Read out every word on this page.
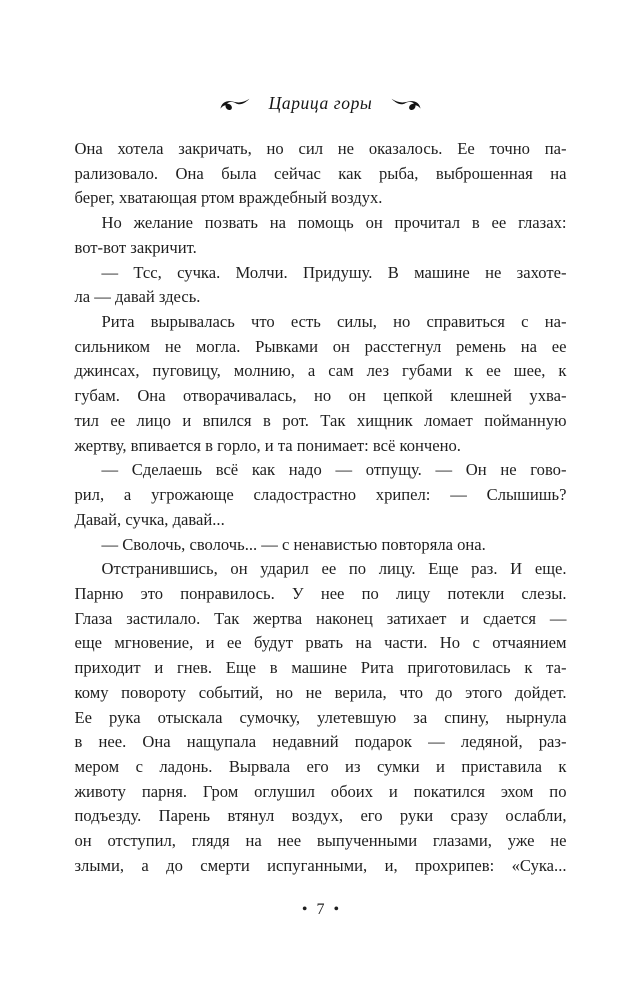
Царица горы
Она хотела закричать, но сил не оказалось. Ее точно па-
рализовало. Она была сейчас как рыба, выброшенная на
берег, хватающая ртом враждебный воздух.
Но желание позвать на помощь он прочитал в ее глазах:
вот-вот закричит.
— Тсс, сучка. Молчи. Придушу. В машине не захоте-
ла — давай здесь.
Рита вырывалась что есть силы, но справиться с на-
сильником не могла. Рывками он расстегнул ремень на ее
джинсах, пуговицу, молнию, а сам лез губами к ее шее, к
губам. Она отворачивалась, но он цепкой клешней ухва-
тил ее лицо и впился в рот. Так хищник ломает пойманную
жертву, впивается в горло, и та понимает: всё кончено.
— Сделаешь всё как надо — отпущу. — Он не гово-
рил, а угрожающе сладострастно хрипел: — Слышишь?
Давай, сучка, давай...
— Сволочь, сволочь... — с ненавистью повторяла она.
Отстранившись, он ударил ее по лицу. Еще раз. И еще.
Парню это понравилось. У нее по лицу потекли слезы.
Глаза застилало. Так жертва наконец затихает и сдается —
еще мгновение, и ее будут рвать на части. Но с отчаянием
приходит и гнев. Еще в машине Рита приготовилась к та-
кому повороту событий, но не верила, что до этого дойдет.
Ее рука отыскала сумочку, улетевшую за спину, нырнула
в нее. Она нащупала недавний подарок — ледяной, раз-
мером с ладонь. Вырвала его из сумки и приставила к
животу парня. Гром оглушил обоих и покатился эхом по
подъезду. Парень втянул воздух, его руки сразу ослабли,
он отступил, глядя на нее выпученными глазами, уже не
злыми, а до смерти испуганными, и, прохрипев: «Сука...
• 7 •
